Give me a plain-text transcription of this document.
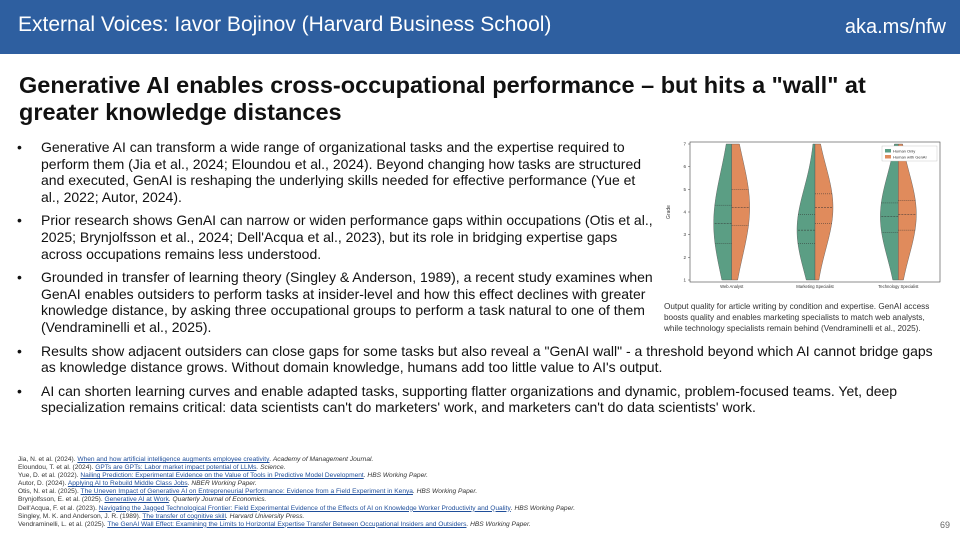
External Voices: Iavor Bojinov (Harvard Business School)	aka.ms/nfw
Generative AI enables cross-occupational performance – but hits a "wall" at greater knowledge distances
• Generative AI can transform a wide range of organizational tasks and the expertise required to perform them (Jia et al., 2024; Eloundou et al., 2024). Beyond changing how tasks are structured and executed, GenAI is reshaping the underlying skills needed for effective performance (Yue et al., 2022; Autor, 2024).
• Prior research shows GenAI can narrow or widen performance gaps within occupations (Otis et al., 2025; Brynjolfsson et al., 2024; Dell'Acqua et al., 2023), but its role in bridging expertise gaps across occupations remains less understood.
• Grounded in transfer of learning theory (Singley & Anderson, 1989), a recent study examines when GenAI enables outsiders to perform tasks at insider-level and how this effect declines with greater knowledge distance, by asking three occupational groups to perform a task natural to one of them (Vendraminelli et al., 2025).
• Results show adjacent outsiders can close gaps for some tasks but also reveal a "GenAI wall" - a threshold beyond which AI cannot bridge gaps as knowledge distance grows. Without domain knowledge, humans add too little value to AI's output.
• AI can shorten learning curves and enable adapted tasks, supporting flatter organizations and dynamic, problem-focused teams. Yet, deep specialization remains critical: data scientists can't do marketers' work, and marketers can't do data scientists' work.
Grade
1
2
3
4
5
6
7
Web Analyst	Marketing Specialist	Technology Specialist
Human Only
Human with GenAI
Output quality for article writing by condition and expertise. GenAI access boosts quality and enables marketing specialists to match web analysts, while technology specialists remain behind (Vendraminelli et al., 2025).
Jia, N. et al. (2024). When and how artificial intelligence augments employee creativity. Academy of Management Journal.
Eloundou, T. et al. (2024). GPTs are GPTs: Labor market impact potential of LLMs. Science.
Yue, D. et al. (2022). Nailing Prediction: Experimental Evidence on the Value of Tools in Predictive Model Development. HBS Working Paper.
Autor, D. (2024). Applying AI to Rebuild Middle Class Jobs. NBER Working Paper.
Otis, N. et al. (2025). The Uneven Impact of Generative AI on Entrepreneurial Performance: Evidence from a Field Experiment in Kenya. HBS Working Paper.
Brynjolfsson, E. et al. (2025). Generative AI at Work. Quarterly Journal of Economics.
Dell'Acqua, F. et al. (2023). Navigating the Jagged Technological Frontier: Field Experimental Evidence of the Effects of AI on Knowledge Worker Productivity and Quality. HBS Working Paper.
Singley, M. K. and Anderson, J. R. (1989). The transfer of cognitive skill. Harvard University Press.
Vendraminelli, L. et al. (2025). The GenAI Wall Effect: Examining the Limits to Horizontal Expertise Transfer Between Occupational Insiders and Outsiders. HBS Working Paper.	69
